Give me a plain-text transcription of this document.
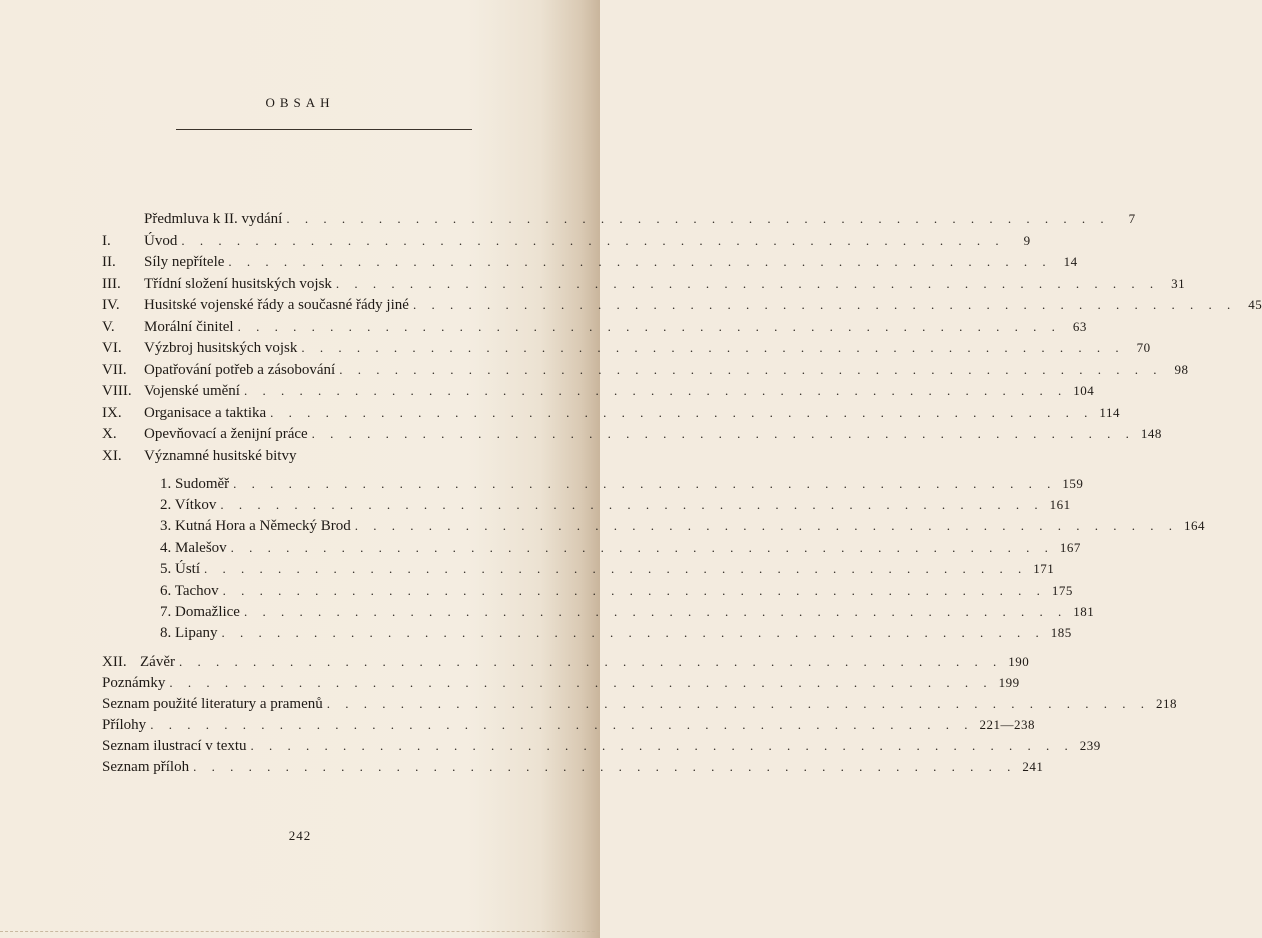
OBSAH
Předmluva k II. vydání . . . . . . . . . . . . . . . . . . . . . . . . . . . . . . . . . . . . . . . . . . . . .	7
I. Úvod . . . . . . . . . . . . . . . . . . . . . . . . . . . . . . . . . . . . . . . . . . . . .	9
II. Síly nepřítele . . . . . . . . . . . . . . . . . . . . . . . . . . . . . . . . . . . . . . . . . . . . . 14
III. Třídní složení husitských vojsk . . . . . . . . . . . . . . . . . . . . . . . . . . . . . . . . . . . . . . . . . . . . . 31
IV. Husitské vojenské řády a současné řády jiné . . . . . . . . . . . . . . . . . . . . . . . . . . . . . . . . . . . . . . . . . . . . . 45
V. Morální činitel . . . . . . . . . . . . . . . . . . . . . . . . . . . . . . . . . . . . . . . . . . . . . 63
VI. Výzbroj husitských vojsk . . . . . . . . . . . . . . . . . . . . . . . . . . . . . . . . . . . . . . . . . . . . . 70
VII. Opatřování potřeb a zásobování . . . . . . . . . . . . . . . . . . . . . . . . . . . . . . . . . . . . . . . . . . . . . 98
VIII. Vojenské umění . . . . . . . . . . . . . . . . . . . . . . . . . . . . . . . . . . . . . . . . . . . . . 104
IX. Organisace a taktika . . . . . . . . . . . . . . . . . . . . . . . . . . . . . . . . . . . . . . . . . . . . . 114
X. Opevňovací a ženijní práce . . . . . . . . . . . . . . . . . . . . . . . . . . . . . . . . . . . . . . . . . . . . . 148
XI. Významné husitské bitvy
1. Sudoměř . . . . . . . . . . . . . . . . . . . . . . . . . . . . . . . . . . . . . . . . . . . . . 159
2. Vítkov . . . . . . . . . . . . . . . . . . . . . . . . . . . . . . . . . . . . . . . . . . . . . 161
3. Kutná Hora a Německý Brod . . . . . . . . . . . . . . . . . . . . . . . . . . . . . . . . . . . . . . . . . . . . . 164
4. Malešov . . . . . . . . . . . . . . . . . . . . . . . . . . . . . . . . . . . . . . . . . . . . . 167
5. Ústí . . . . . . . . . . . . . . . . . . . . . . . . . . . . . . . . . . . . . . . . . . . . . 171
6. Tachov . . . . . . . . . . . . . . . . . . . . . . . . . . . . . . . . . . . . . . . . . . . . . 175
7. Domažlice . . . . . . . . . . . . . . . . . . . . . . . . . . . . . . . . . . . . . . . . . . . . . 181
8. Lipany . . . . . . . . . . . . . . . . . . . . . . . . . . . . . . . . . . . . . . . . . . . . . 185
XII. Závěr . . . . . . . . . . . . . . . . . . . . . . . . . . . . . . . . . . . . . . . . . . . . . 190
Poznámky . . . . . . . . . . . . . . . . . . . . . . . . . . . . . . . . . . . . . . . . . . . . . 199
Seznam použité literatury a pramenů . . . . . . . . . . . . . . . . . . . . . . . . . . . . . . . . . . . . . . . . . . . . . 218
Přílohy . . . . . . . . . . . . . . . . . . . . . . . . . . . . . . . . . . . . . . . . . . . . . 221—238
Seznam ilustrací v textu . . . . . . . . . . . . . . . . . . . . . . . . . . . . . . . . . . . . . . . . . . . . . 239
Seznam příloh . . . . . . . . . . . . . . . . . . . . . . . . . . . . . . . . . . . . . . . . . . . . . 241
242
